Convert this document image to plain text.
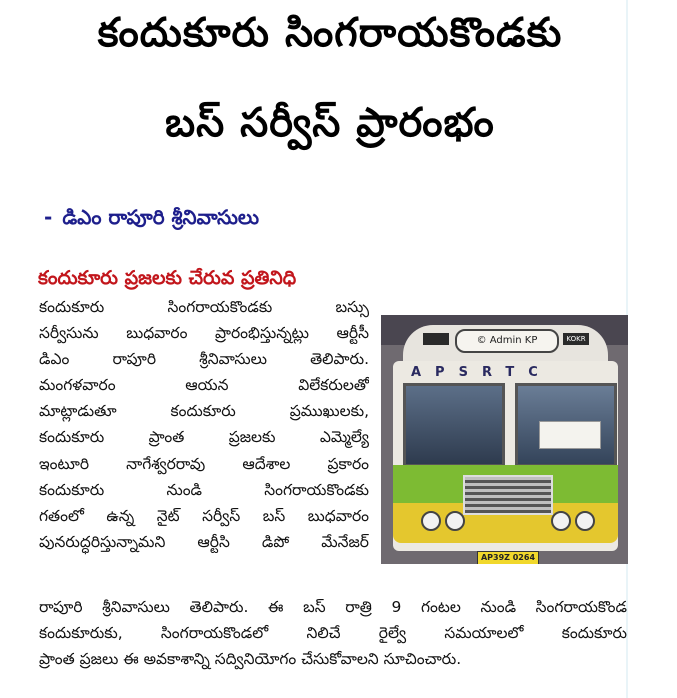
కందుకూరు సింగరాయకొండకు
బస్ సర్వీస్ ప్రారంభం
- డిఎం రాపూరి శ్రీనివాసులు
కందుకూరు ప్రజలకు చేరువ ప్రతినిధి
కందుకూరు సింగరాయకొండకు బస్సు
సర్వీసును బుధవారం ప్రారంభిస్తున్నట్లు ఆర్టీసీ
డిఎం రాపూరి శ్రీనివాసులు తెలిపారు.
మంగళవారం ఆయన విలేకరులతో
మాట్లాడుతూ కందుకూరు ప్రముఖులకు,
కందుకూరు ప్రాంత ప్రజలకు ఎమ్మెల్యే
ఇంటూరి నాగేశ్వరరావు ఆదేశాల ప్రకారం
కందుకూరు నుండి సింగరాయకొండకు
గతంలో ఉన్న నైట్ సర్వీస్ బస్ బుధవారం
పునరుద్ధరిస్తున్నామని ఆర్టీసి డిపో మేనేజర్
© Admin KP	KOKR
APSRTC
AP39Z 0264
రాపూరి శ్రీనివాసులు తెలిపారు. ఈ బస్ రాత్రి 9 గంటల నుండి సింగరాయకొండ
కందుకూరుకు, సింగరాయకొండలో నిలిచే రైల్వే సమయాలలో కందుకూరు
ప్రాంత ప్రజలు ఈ అవకాశాన్ని సద్వినియోగం చేసుకోవాలని సూచించారు.
